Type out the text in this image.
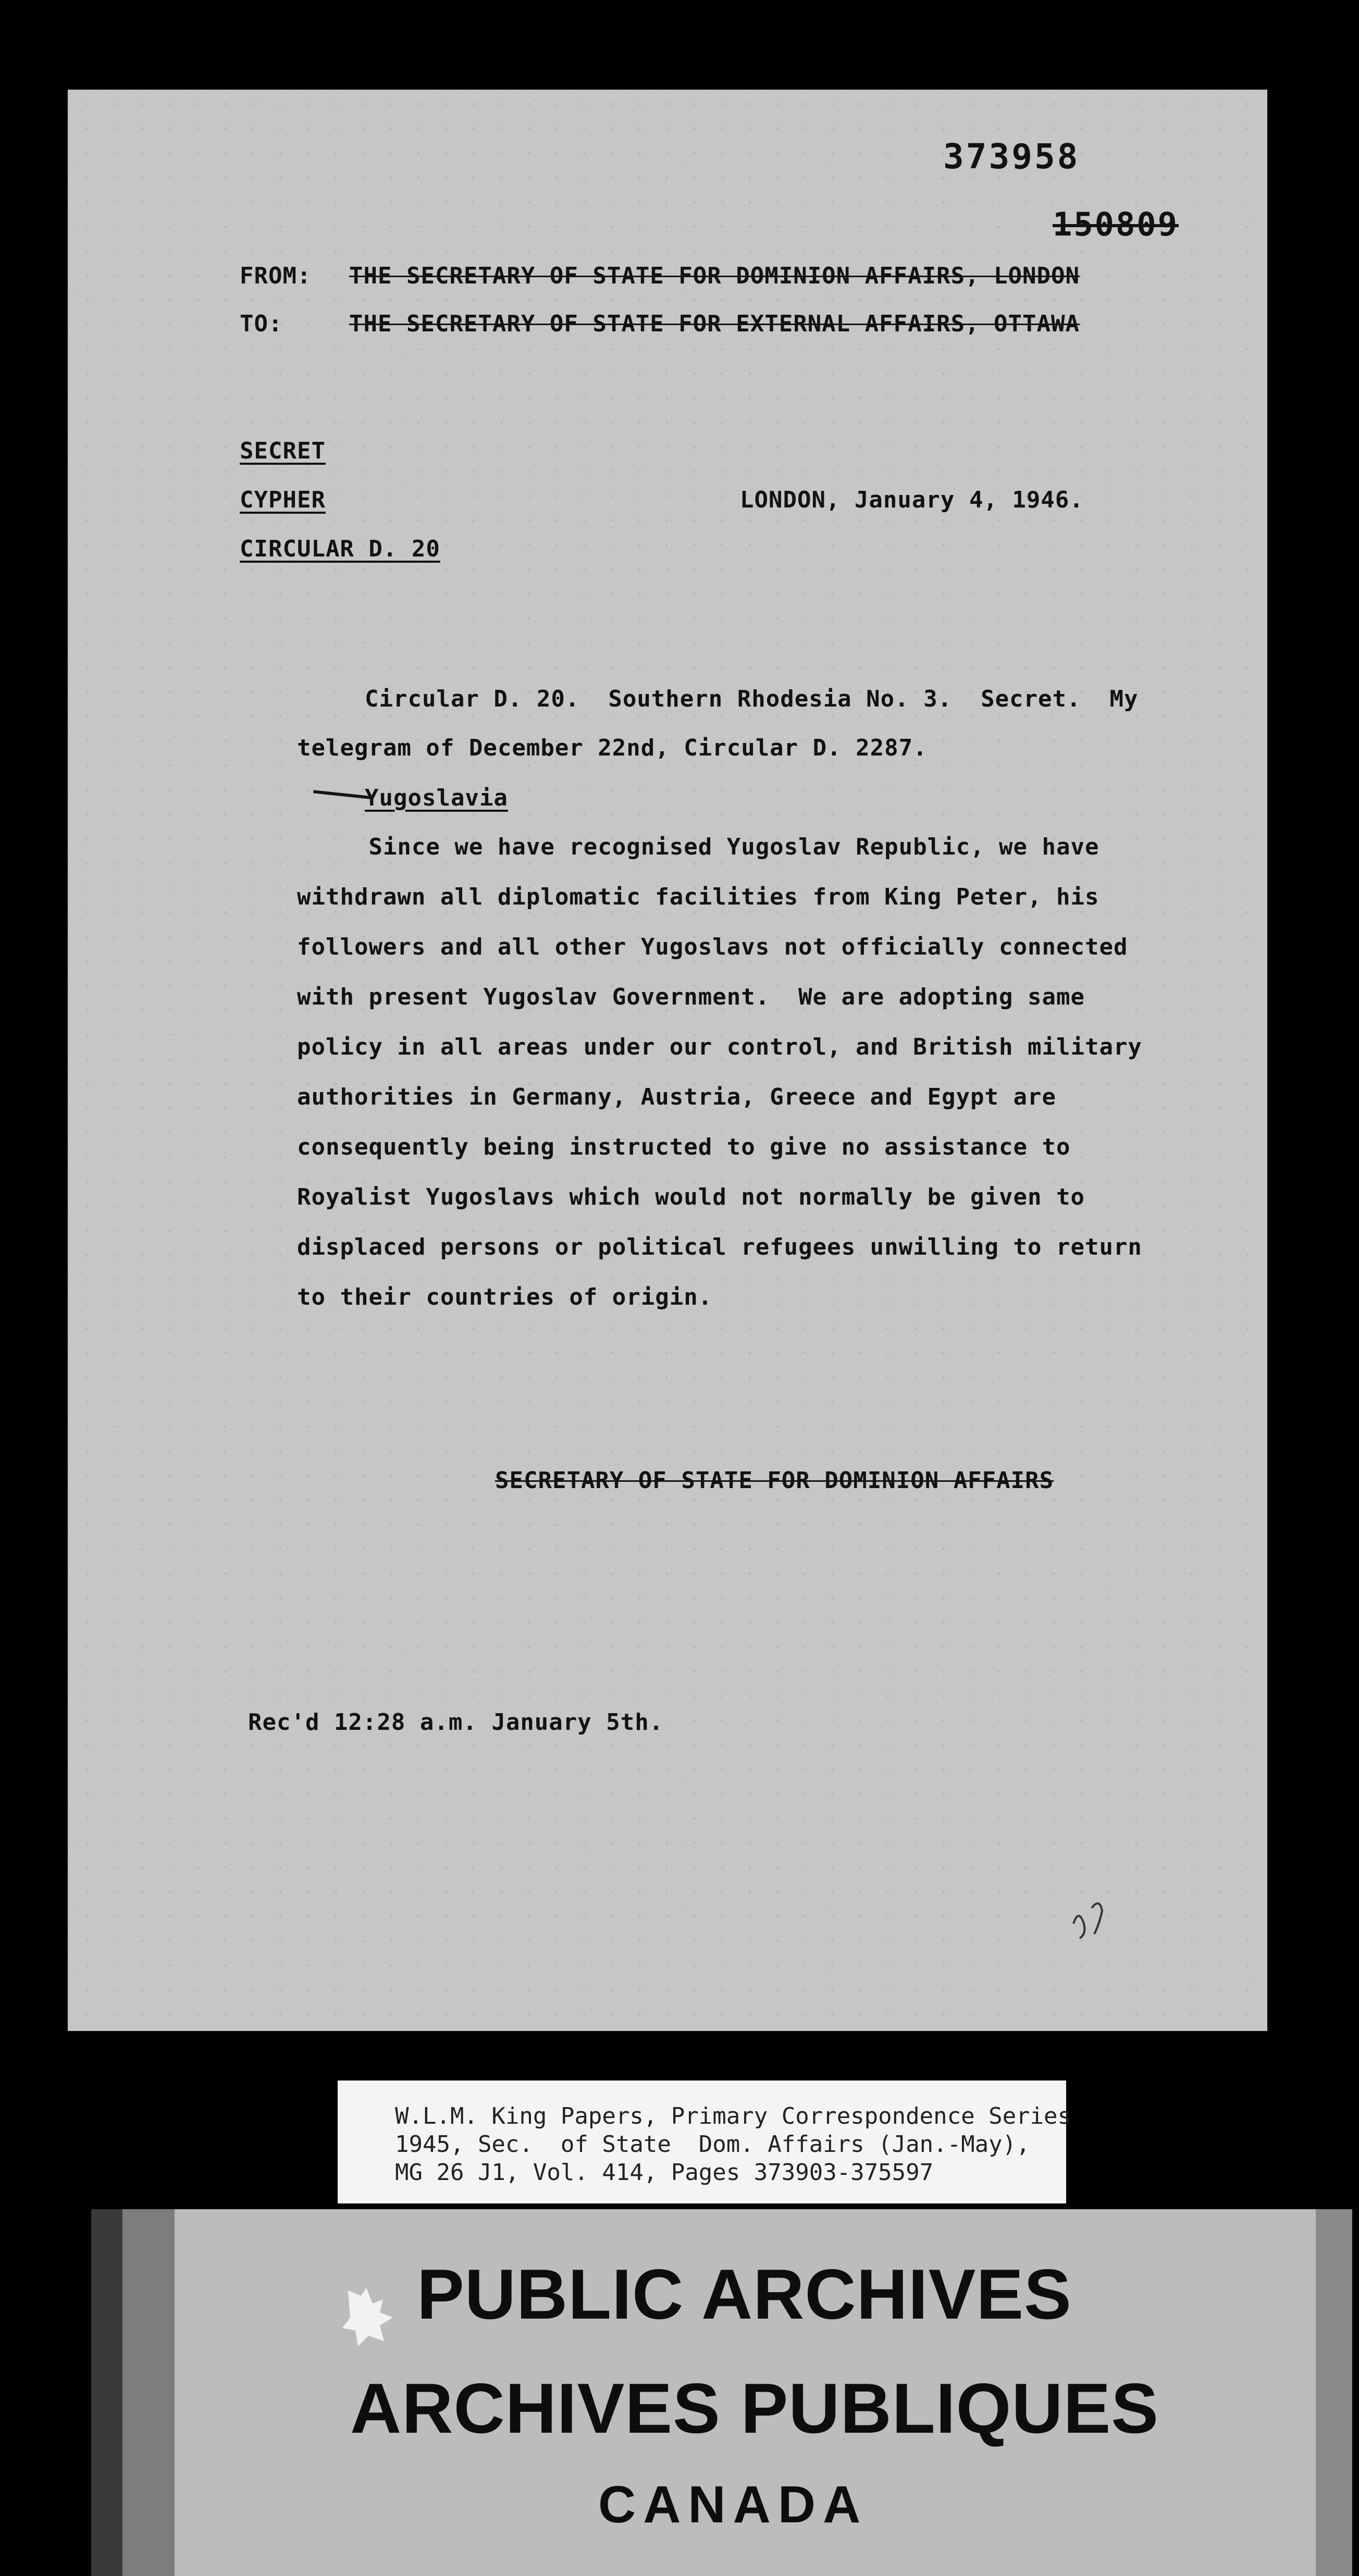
373958
150809
FROM: THE SECRETARY OF STATE FOR DOMINION AFFAIRS, LONDON
TO:	THE SECRETARY OF STATE FOR EXTERNAL AFFAIRS, OTTAWA
SECRET
CYPHER
CIRCULAR D. 20
LONDON, January 4, 1946.
Circular D. 20.  Southern Rhodesia No. 3.  Secret.  My
telegram of December 22nd, Circular D. 2287.
Yugoslavia
Since we have recognised Yugoslav Republic, we have
withdrawn all diplomatic facilities from King Peter, his
followers and all other Yugoslavs not officially connected
with present Yugoslav Government.  We are adopting same
policy in all areas under our control, and British military
authorities in Germany, Austria, Greece and Egypt are
consequently being instructed to give no assistance to
Royalist Yugoslavs which would not normally be given to
displaced persons or political refugees unwilling to return
to their countries of origin.
SECRETARY OF STATE FOR DOMINION AFFAIRS
Rec'd 12:28 a.m. January 5th.
W.L.M. King Papers, Primary Correspondence Series
1945, Sec.  of State  Dom. Affairs (Jan.-May),
MG 26 J1, Vol. 414, Pages 373903-375597
PUBLIC ARCHIVES
ARCHIVES PUBLIQUES
CANADA
